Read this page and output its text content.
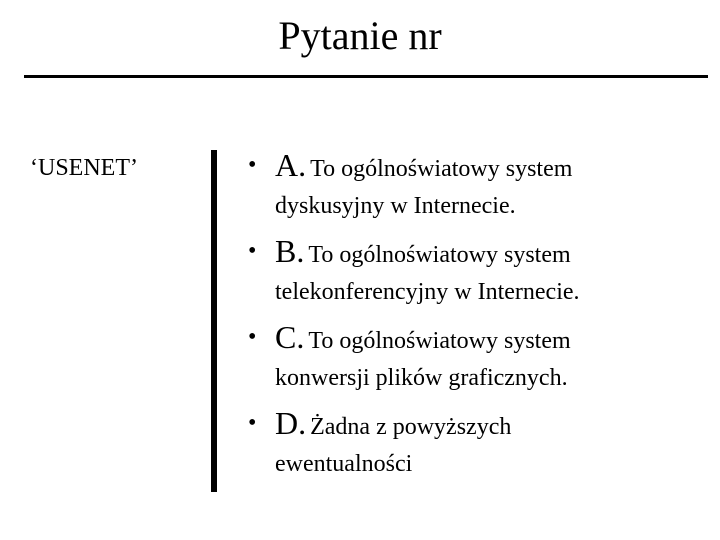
Pytanie nr
‘USENET’	• A. To ogólnoświatowy system
dyskusyjny w Internecie.
• B. To ogólnoświatowy system
telekonferencyjny w Internecie.
• C. To ogólnoświatowy system
konwersji plików graficznych.
• D. Żadna z powyższych
ewentualności
